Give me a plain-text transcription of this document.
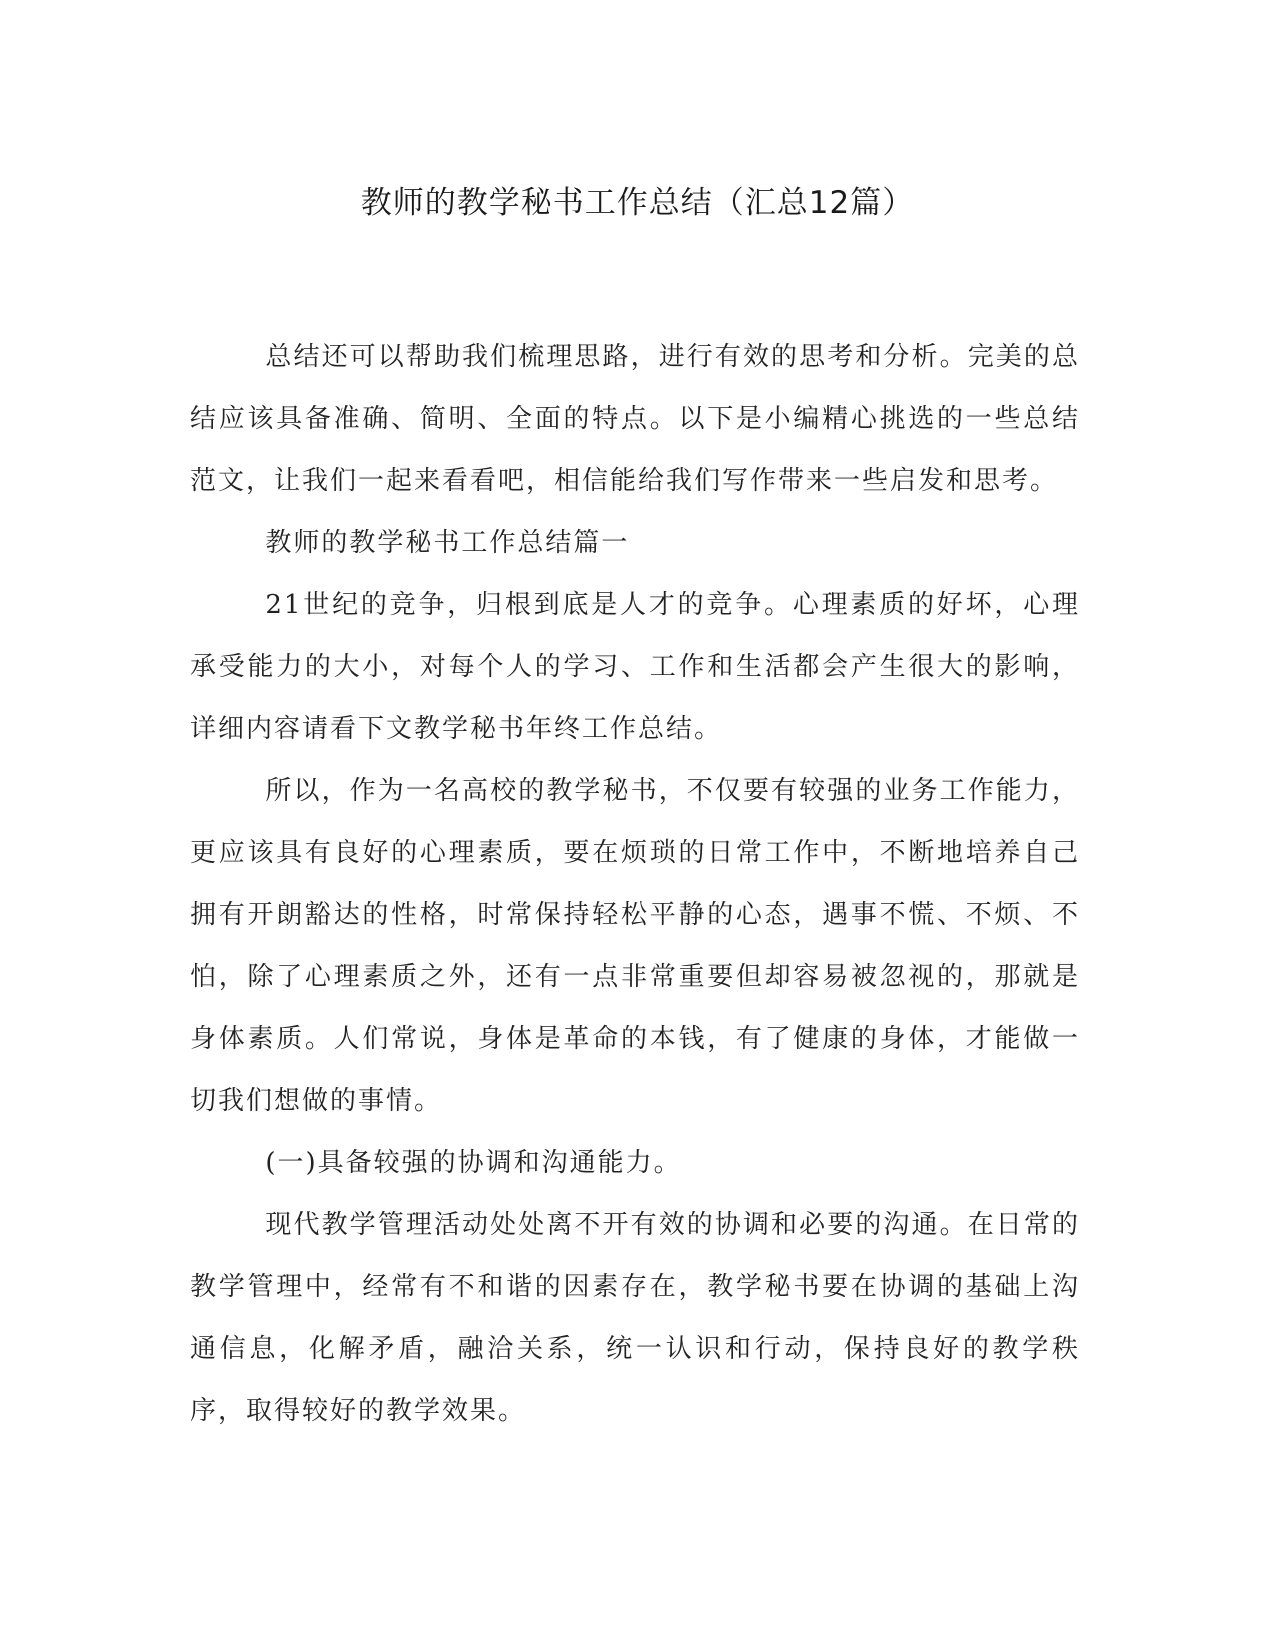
教师的教学秘书工作总结（汇总12篇）

总结还可以帮助我们梳理思路，进行有效的思考和分析。完美的总结应该具备准确、简明、全面的特点。以下是小编精心挑选的一些总结范文，让我们一起来看看吧，相信能给我们写作带来一些启发和思考。

教师的教学秘书工作总结篇一

21世纪的竞争，归根到底是人才的竞争。心理素质的好坏，心理承受能力的大小，对每个人的学习、工作和生活都会产生很大的影响，详细内容请看下文教学秘书年终工作总结。

所以，作为一名高校的教学秘书，不仅要有较强的业务工作能力，更应该具有良好的心理素质，要在烦琐的日常工作中，不断地培养自己拥有开朗豁达的性格，时常保持轻松平静的心态，遇事不慌、不烦、不怕，除了心理素质之外，还有一点非常重要但却容易被忽视的，那就是身体素质。人们常说，身体是革命的本钱，有了健康的身体，才能做一切我们想做的事情。

(一)具备较强的协调和沟通能力。

现代教学管理活动处处离不开有效的协调和必要的沟通。在日常的教学管理中，经常有不和谐的因素存在，教学秘书要在协调的基础上沟通信息，化解矛盾，融洽关系，统一认识和行动，保持良好的教学秩序，取得较好的教学效果。
